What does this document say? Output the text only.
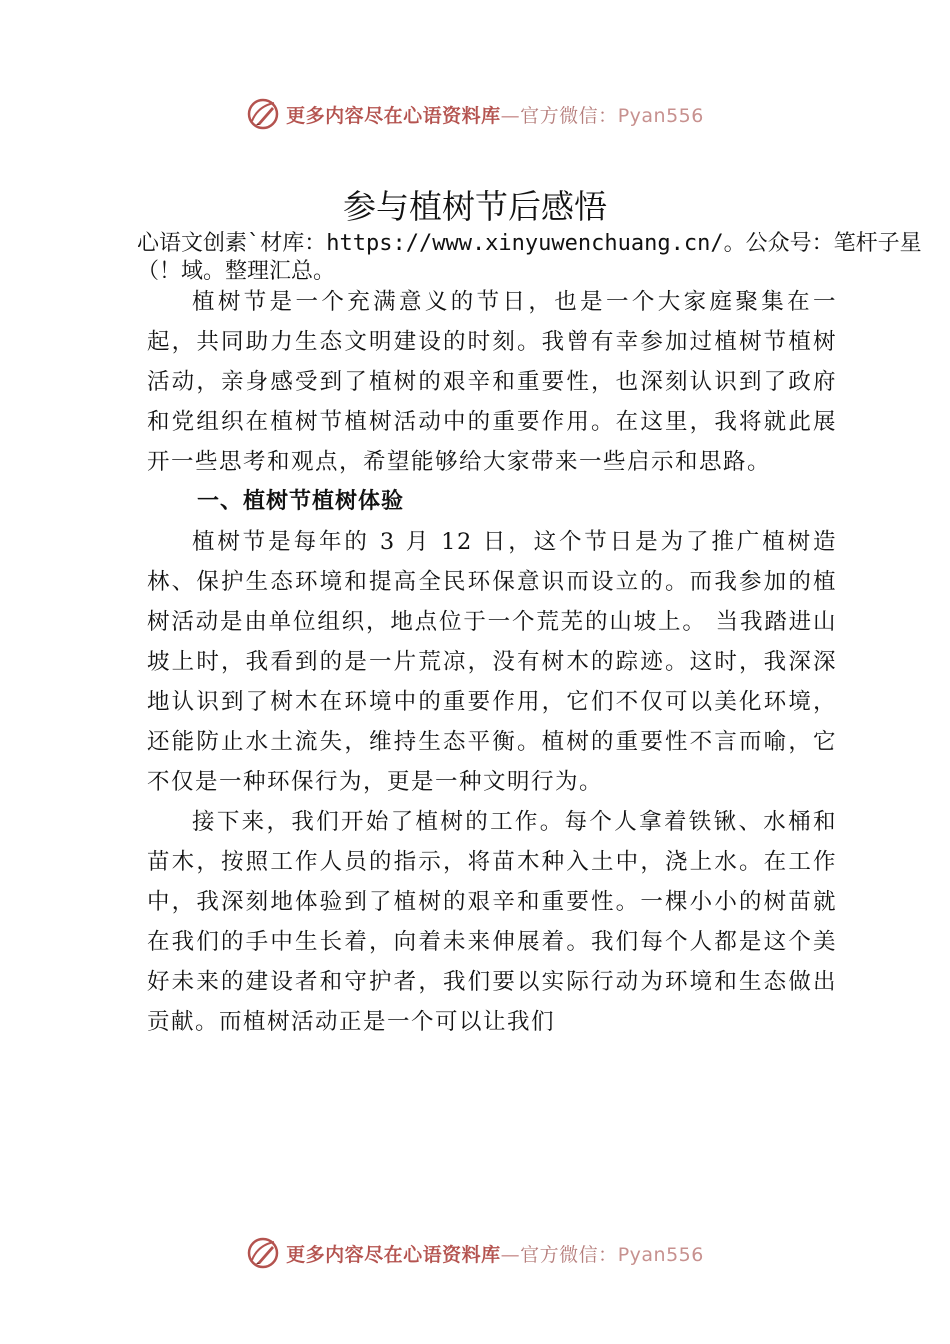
更多内容尽在心语资料库—官方微信：Pyan556
参与植树节后感悟
心语文创素`材库：https://www.xinyuwenchuang.cn/。公众号：笔杆子星（！域。整理汇总。

植树节是一个充满意义的节日，也是一个大家庭聚集在一起，共同助力生态文明建设的时刻。我曾有幸参加过植树节植树活动，亲身感受到了植树的艰辛和重要性，也深刻认识到了政府和党组织在植树节植树活动中的重要作用。在这里，我将就此展开一些思考和观点，希望能够给大家带来一些启示和思路。

一、植树节植树体验

植树节是每年的 3 月 12 日，这个节日是为了推广植树造林、保护生态环境和提高全民环保意识而设立的。而我参加的植树活动是由单位组织，地点位于一个荒芜的山坡上。 当我踏进山坡上时，我看到的是一片荒凉，没有树木的踪迹。这时，我深深地认识到了树木在环境中的重要作用，它们不仅可以美化环境，还能防止水土流失，维持生态平衡。植树的重要性不言而喻，它不仅是一种环保行为，更是一种文明行为。

接下来，我们开始了植树的工作。每个人拿着铁锹、水桶和苗木，按照工作人员的指示，将苗木种入土中，浇上水。在工作中，我深刻地体验到了植树的艰辛和重要性。一棵小小的树苗就在我们的手中生长着，向着未来伸展着。我们每个人都是这个美好未来的建设者和守护者，我们要以实际行动为环境和生态做出贡献。而植树活动正是一个可以让我们

更多内容尽在心语资料库—官方微信：Pyan556
